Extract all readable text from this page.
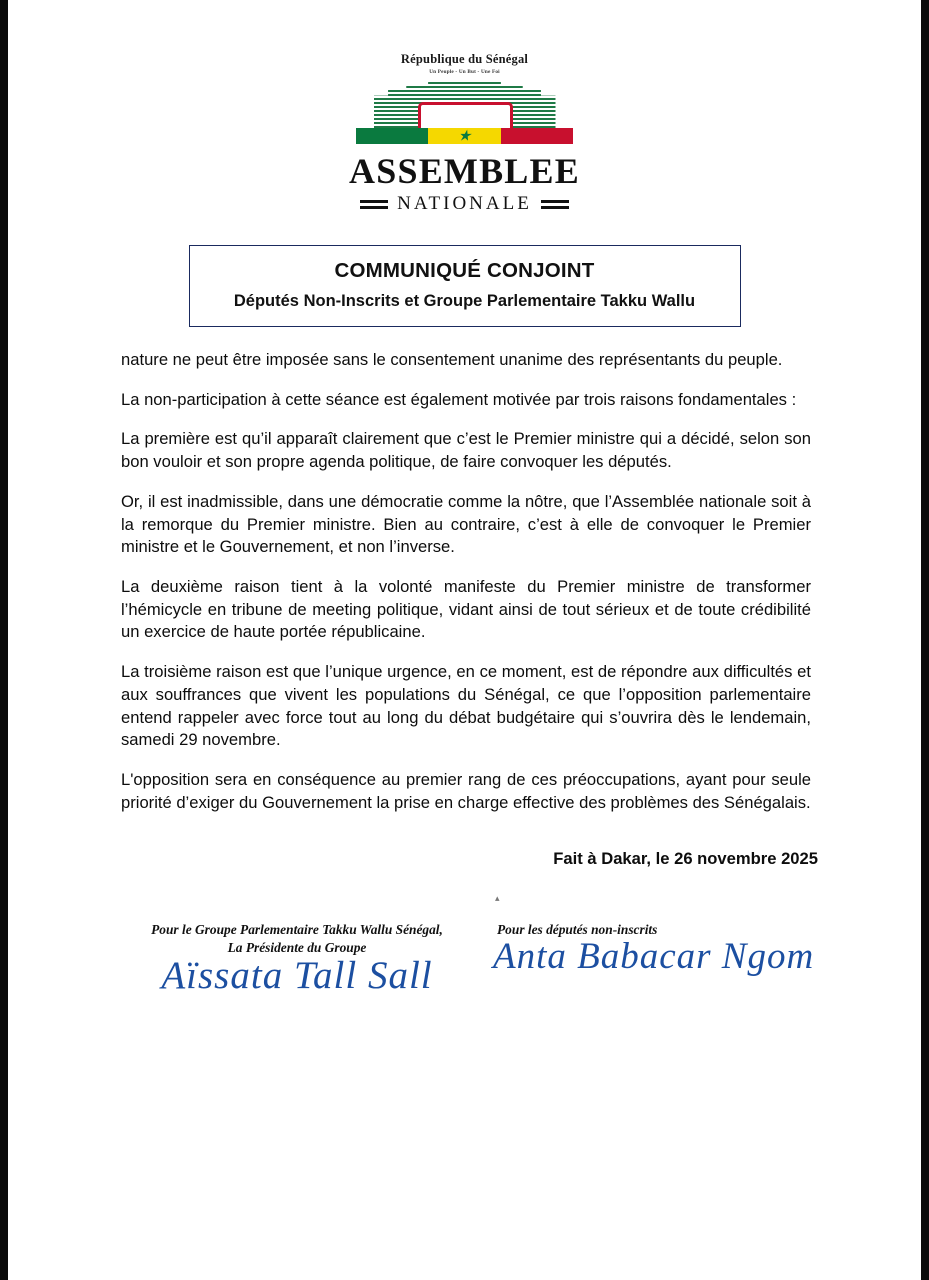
République du Sénégal
Un Peuple - Un But - Une Foi
★
ASSEMBLEE
NATIONALE
COMMUNIQUÉ CONJOINT
Députés Non-Inscrits et Groupe Parlementaire Takku Wallu

nature ne peut être imposée sans le consentement unanime des représentants du peuple.

La non-participation à cette séance est également motivée par trois raisons fondamentales :

La première est qu’il apparaît clairement que c’est le Premier ministre qui a décidé, selon son bon vouloir et son propre agenda politique, de faire convoquer les députés.

Or, il est inadmissible, dans une démocratie comme la nôtre, que l’Assemblée nationale soit à la remorque du Premier ministre. Bien au contraire, c’est à elle de convoquer le Premier ministre et le Gouvernement, et non l’inverse.

La deuxième raison tient à la volonté manifeste du Premier ministre de transformer l’hémicycle en tribune de meeting politique, vidant ainsi de tout sérieux et de toute crédibilité un exercice de haute portée républicaine.

La troisième raison est que l’unique urgence, en ce moment, est de répondre aux difficultés et aux souffrances que vivent les populations du Sénégal, ce que l’opposition parlementaire entend rappeler avec force tout au long du débat budgétaire qui s’ouvrira dès le lendemain, samedi 29 novembre.

L'opposition sera en conséquence au premier rang de ces préoccupations, ayant pour seule priorité d’exiger du Gouvernement la prise en charge effective des problèmes des Sénégalais.

Fait à Dakar, le 26 novembre 2025
▴
Pour le Groupe Parlementaire Takku Wallu Sénégal,
La Présidente du Groupe
Aïssata Tall Sall
Pour les députés non-inscrits
Anta Babacar Ngom
